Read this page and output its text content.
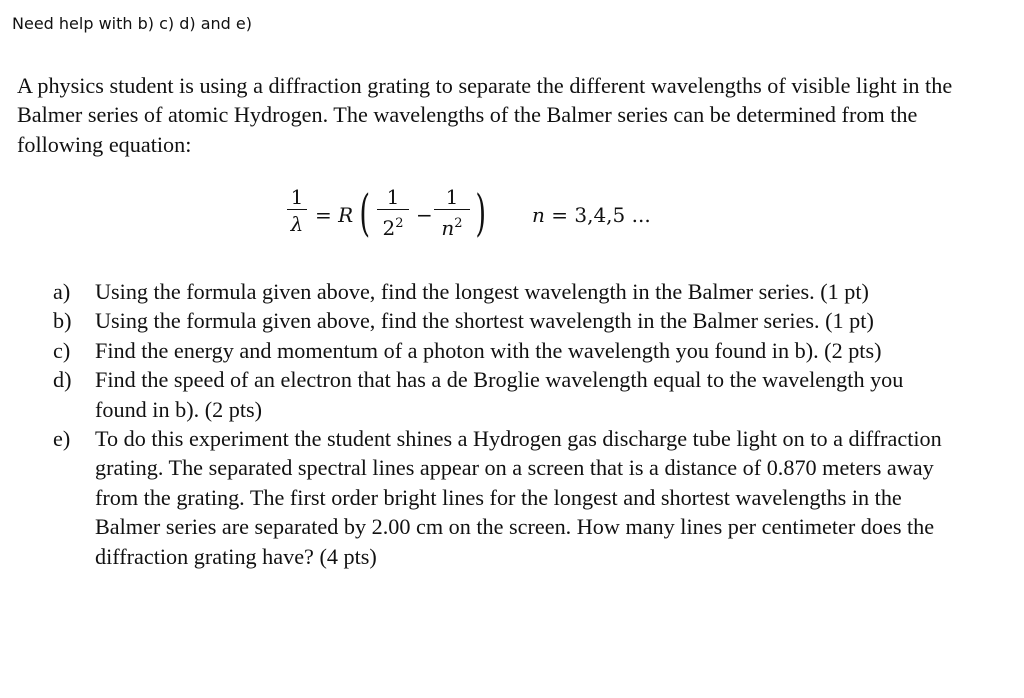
Need help with b) c) d) and e)

A physics student is using a diffraction grating to separate the different wavelengths of visible light in the Balmer series of atomic Hydrogen. The wavelengths of the Balmer series can be determined from the following equation:

1
λ = R ( 1
$2^2$ −
1
$n^2$ ) n = 3,4,5 ...
a)	Using the formula given above, find the longest wavelength in the Balmer series. (1 pt)
b)	Using the formula given above, find the shortest wavelength in the Balmer series. (1 pt)
c)	Find the energy and momentum of a photon with the wavelength you found in b). (2 pts)
d)	Find the speed of an electron that has a de Broglie wavelength equal to the wavelength you found in b). (2 pts)
e)	To do this experiment the student shines a Hydrogen gas discharge tube light on to a diffraction grating. The separated spectral lines appear on a screen that is a distance of 0.870 meters away from the grating. The first order bright lines for the longest and shortest wavelengths in the Balmer series are separated by 2.00 cm on the screen. How many lines per centimeter does the diffraction grating have? (4 pts)
